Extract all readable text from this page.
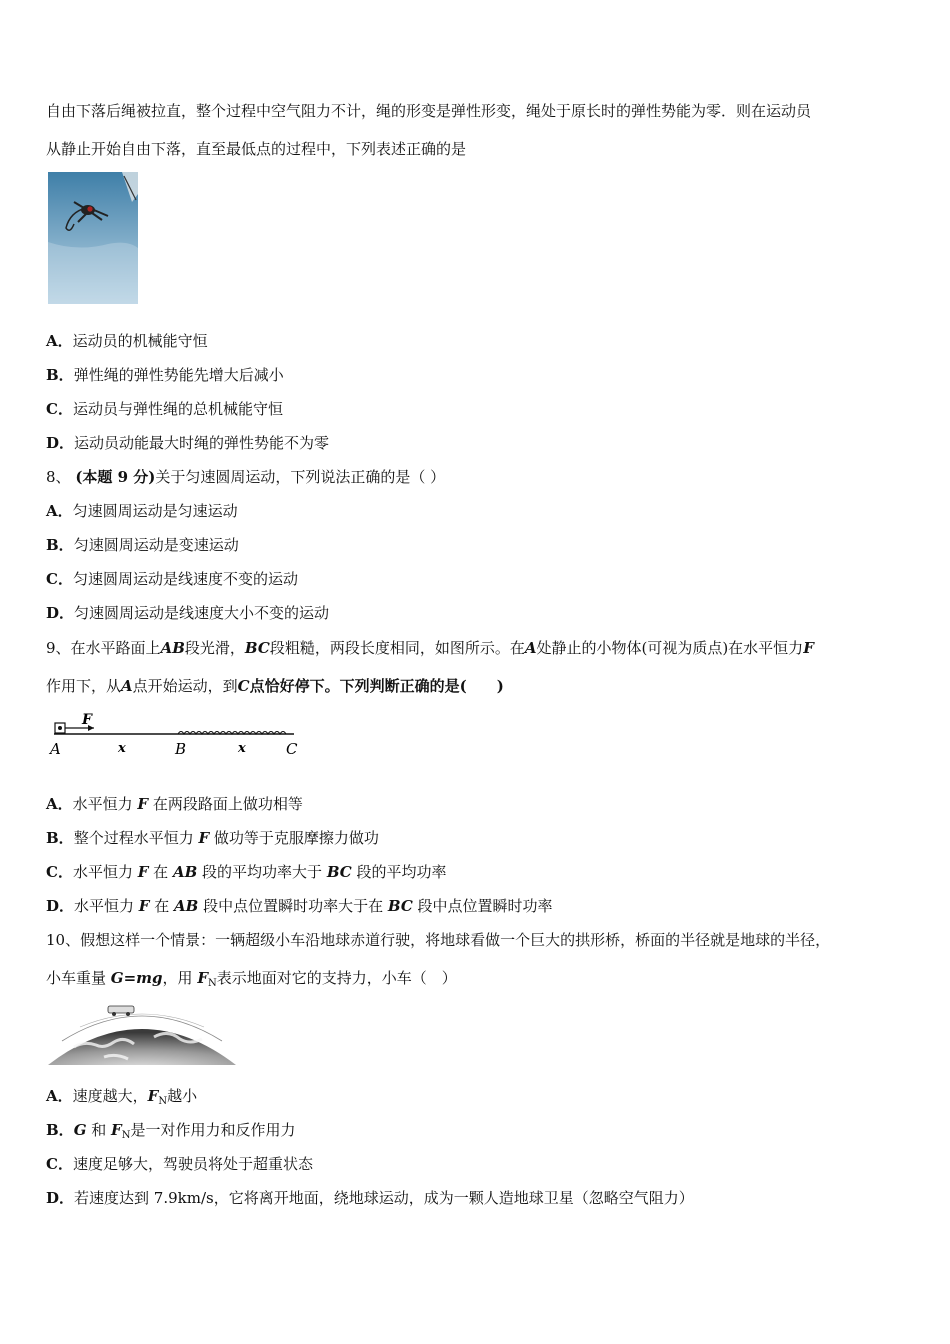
自由下落后绳被拉直，整个过程中空气阻力不计，绳的形变是弹性形变，绳处于原长时的弹性势能为零．则在运动员
从静止开始自由下落，直至最低点的过程中，下列表述正确的是
A．运动员的机械能守恒
B．弹性绳的弹性势能先增大后减小
C．运动员与弹性绳的总机械能守恒
D．运动员动能最大时绳的弹性势能不为零
8、 (本题 9 分)关于匀速圆周运动，下列说法正确的是（ ）
A．匀速圆周运动是匀速运动
B．匀速圆周运动是变速运动
C．匀速圆周运动是线速度不变的运动
D．匀速圆周运动是线速度大小不变的运动
9、在水平路面上AB段光滑，BC段粗糙，两段长度相同，如图所示。在A处静止的小物体(可视为质点)在水平恒力F
作用下，从A点开始运动，到C点恰好停下。下列判断正确的是(　　)
F
A	x	B	x	C
A．水平恒力 F 在两段路面上做功相等
B．整个过程水平恒力 F 做功等于克服摩擦力做功
C．水平恒力 F 在 AB 段的平均功率大于 BC 段的平均功率
D．水平恒力 F 在 AB 段中点位置瞬时功率大于在 BC 段中点位置瞬时功率
10、假想这样一个情景：一辆超级小车沿地球赤道行驶，将地球看做一个巨大的拱形桥，桥面的半径就是地球的半径，
小车重量 G=mg，用 $F_N$表示地面对它的支持力，小车（　）
A．速度越大，$F_N$越小
B．G 和 $F_N$是一对作用力和反作用力
C．速度足够大，驾驶员将处于超重状态
D．若速度达到 7.9km/s，它将离开地面，绕地球运动，成为一颗人造地球卫星（忽略空气阻力）
